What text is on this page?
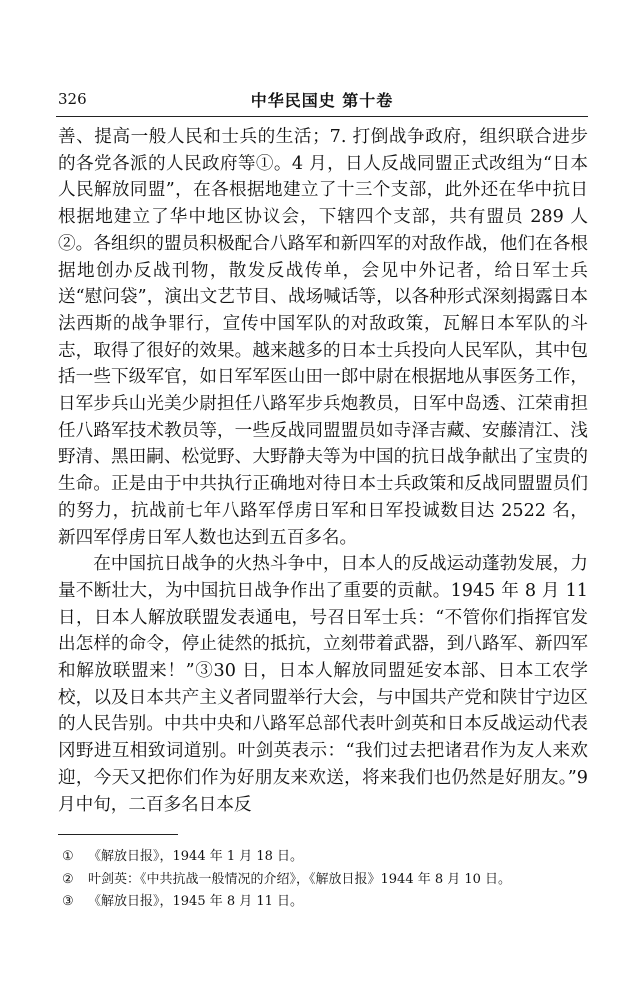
326	中华民国史 第十卷

善、提高一般人民和士兵的生活；7. 打倒战争政府，组织联合进步的各党各派的人民政府等①。4 月，日人反战同盟正式改组为“日本人民解放同盟”，在各根据地建立了十三个支部，此外还在华中抗日根据地建立了华中地区协议会，下辖四个支部，共有盟员 289 人②。各组织的盟员积极配合八路军和新四军的对敌作战，他们在各根据地创办反战刊物，散发反战传单，会见中外记者，给日军士兵送“慰问袋”，演出文艺节目、战场喊话等，以各种形式深刻揭露日本法西斯的战争罪行，宣传中国军队的对敌政策，瓦解日本军队的斗志，取得了很好的效果。越来越多的日本士兵投向人民军队，其中包括一些下级军官，如日军军医山田一郎中尉在根据地从事医务工作，日军步兵山光美少尉担任八路军步兵炮教员，日军中岛透、江荣甫担任八路军技术教员等，一些反战同盟盟员如寺泽吉藏、安藤清江、浅野清、黑田嗣、松觉野、大野静夫等为中国的抗日战争献出了宝贵的生命。正是由于中共执行正确地对待日本士兵政策和反战同盟盟员们的努力，抗战前七年八路军俘虏日军和日军投诚数目达 2522 名，新四军俘虏日军人数也达到五百多名。

在中国抗日战争的火热斗争中，日本人的反战运动蓬勃发展，力量不断壮大，为中国抗日战争作出了重要的贡献。1945 年 8 月 11 日，日本人解放联盟发表通电，号召日军士兵：“不管你们指挥官发出怎样的命令，停止徒然的抵抗，立刻带着武器，到八路军、新四军和解放联盟来！”③30 日，日本人解放同盟延安本部、日本工农学校，以及日本共产主义者同盟举行大会，与中国共产党和陕甘宁边区的人民告别。中共中央和八路军总部代表叶剑英和日本反战运动代表冈野进互相致词道别。叶剑英表示：“我们过去把诸君作为友人来欢迎，今天又把你们作为好朋友来欢送，将来我们也仍然是好朋友。”9 月中旬，二百多名日本反

① 《解放日报》，1944 年 1 月 18 日。
② 叶剑英：《中共抗战一般情况的介绍》，《解放日报》1944 年 8 月 10 日。
③ 《解放日报》，1945 年 8 月 11 日。
